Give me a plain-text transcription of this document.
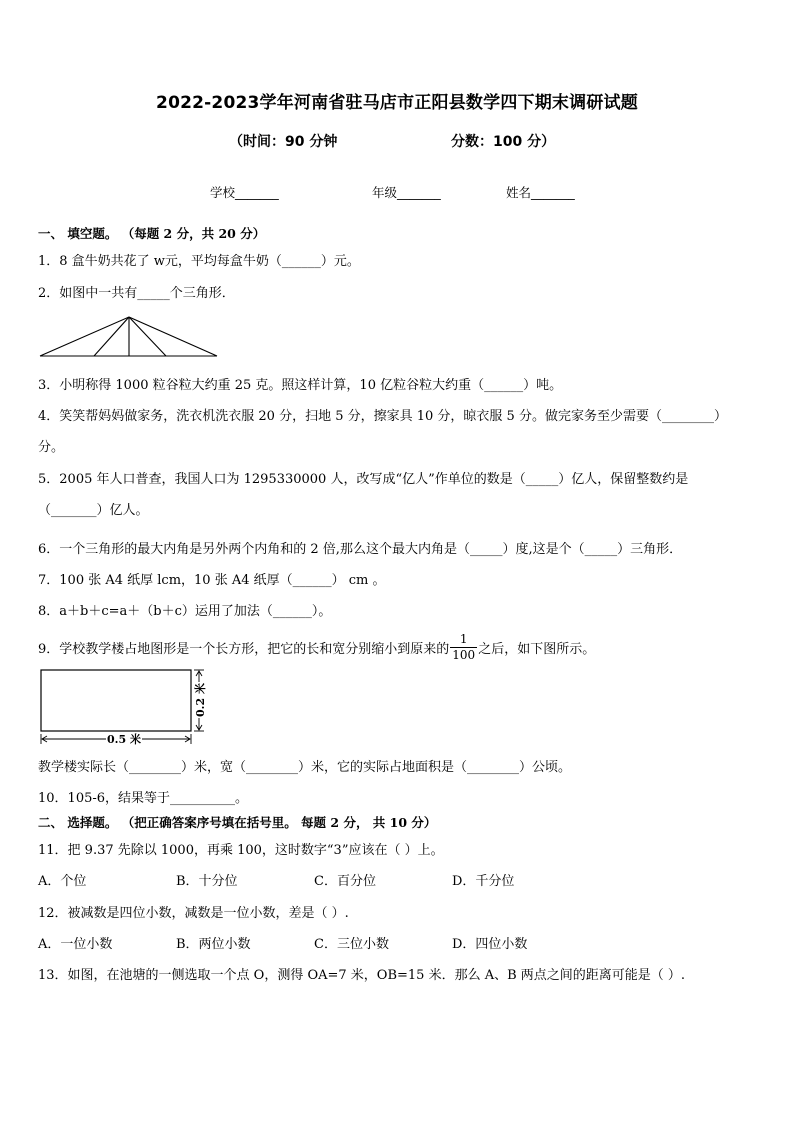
2022-2023学年河南省驻马店市正阳县数学四下期末调研试题
（时间：90 分钟	分数：100 分）
学校_______	年级_______	姓名_______
一、 填空题。 （每题 2 分，共 20 分）
1．8 盒牛奶共花了 w元，平均每盒牛奶（______）元。
2．如图中一共有_____个三角形．
3．小明称得 1000 粒谷粒大约重 25 克。照这样计算，10 亿粒谷粒大约重（______）吨。
4．笑笑帮妈妈做家务，洗衣机洗衣服 20 分，扫地 5 分，擦家具 10 分，晾衣服 5 分。做完家务至少需要（________）
分。
5．2005 年人口普查，我国人口为 1295330000 人，改写成“亿人”作单位的数是（_____）亿人，保留整数约是
（_______）亿人。
6．一个三角形的最大内角是另外两个内角和的 2 倍,那么这个最大内角是（_____）度,这是个（_____）三角形．
7．100 张 A4 纸厚 lcm，10 张 A4 纸厚（______） cm 。
8．a＋b＋c=a＋（b＋c）运用了加法（______）。
9．学校教学楼占地图形是一个长方形，把它的长和宽分别缩小到原来的 $\frac{1}{100}$ 之后，如下图所示。
0.5 米
0.2 米
教学楼实际长（________）米，宽（________）米，它的实际占地面积是（________）公顷。
10．105-6，结果等于__________。
二、 选择题。 （把正确答案序号填在括号里。 每题 2 分， 共 10 分）
11．把 9.37 先除以 1000，再乘 100，这时数字“3”应该在（ ）上。
A．个位	B．十分位	C．百分位	D．千分位
12．被减数是四位小数，减数是一位小数，差是（ ）.
A．一位小数	B．两位小数	C．三位小数	D．四位小数
13．如图，在池塘的一侧选取一个点 O，测得 OA=7 米，OB=15 米．那么 A、B 两点之间的距离可能是（ ）.
